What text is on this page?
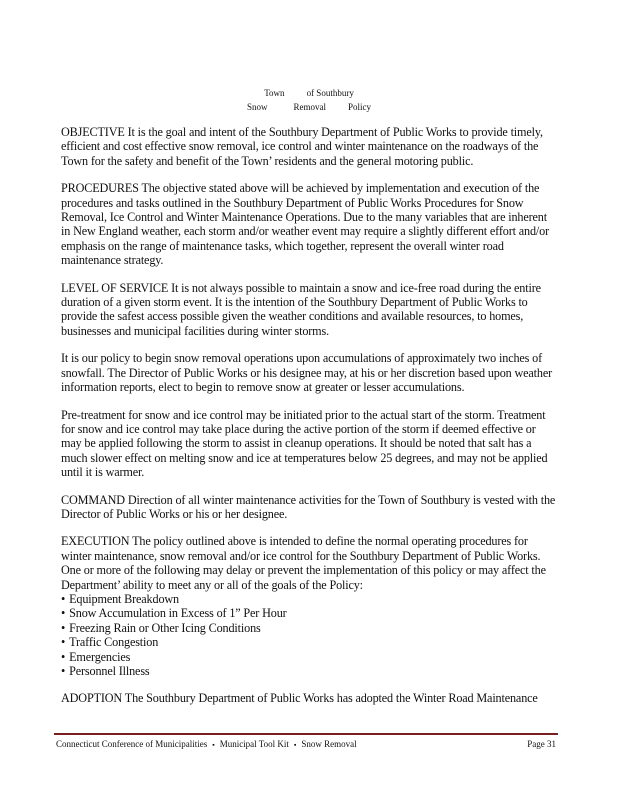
Town of Southbury
Snow	Removal Policy

OBJECTIVE It is the goal and intent of the Southbury Department of Public Works to provide timely, efficient and cost effective snow removal, ice control and winter maintenance on the roadways of the Town for the safety and benefit of the Town’ residents and the general motoring public.

PROCEDURES The objective stated above will be achieved by implementation and execution of the procedures and tasks outlined in the Southbury Department of Public Works Procedures for Snow Removal, Ice Control and Winter Maintenance Operations. Due to the many variables that are inherent in New England weather, each storm and/or weather event may require a slightly different effort and/or emphasis on the range of maintenance tasks, which together, represent the overall winter road maintenance strategy.

LEVEL OF SERVICE It is not always possible to maintain a snow and ice-free road during the entire duration of a given storm event. It is the intention of the Southbury Department of Public Works to provide the safest access possible given the weather conditions and available resources, to homes, businesses and municipal facilities during winter storms.

It is our policy to begin snow removal operations upon accumulations of approximately two inches of snowfall. The Director of Public Works or his designee may, at his or her discretion based upon weather information reports, elect to begin to remove snow at greater or lesser accumulations.

Pre-treatment for snow and ice control may be initiated prior to the actual start of the storm. Treatment for snow and ice control may take place during the active portion of the storm if deemed effective or may be applied following the storm to assist in cleanup operations. It should be noted that salt has a much slower effect on melting snow and ice at temperatures below 25 degrees, and may not be applied until it is warmer.

COMMAND Direction of all winter maintenance activities for the Town of Southbury is vested with the Director of Public Works or his or her designee.

EXECUTION The policy outlined above is intended to define the normal operating procedures for winter maintenance, snow removal and/or ice control for the Southbury Department of Public Works. One or more of the following may delay or prevent the implementation of this policy or may affect the Department’ ability to meet any or all of the goals of the Policy:
• Equipment Breakdown
• Snow Accumulation in Excess of 1” Per Hour
• Freezing Rain or Other Icing Conditions
• Traffic Congestion
• Emergencies
• Personnel Illness

ADOPTION The Southbury Department of Public Works has adopted the Winter Road Maintenance

Connecticut Conference of Municipalities ▪ Municipal Tool Kit ▪ Snow Removal	Page 31
